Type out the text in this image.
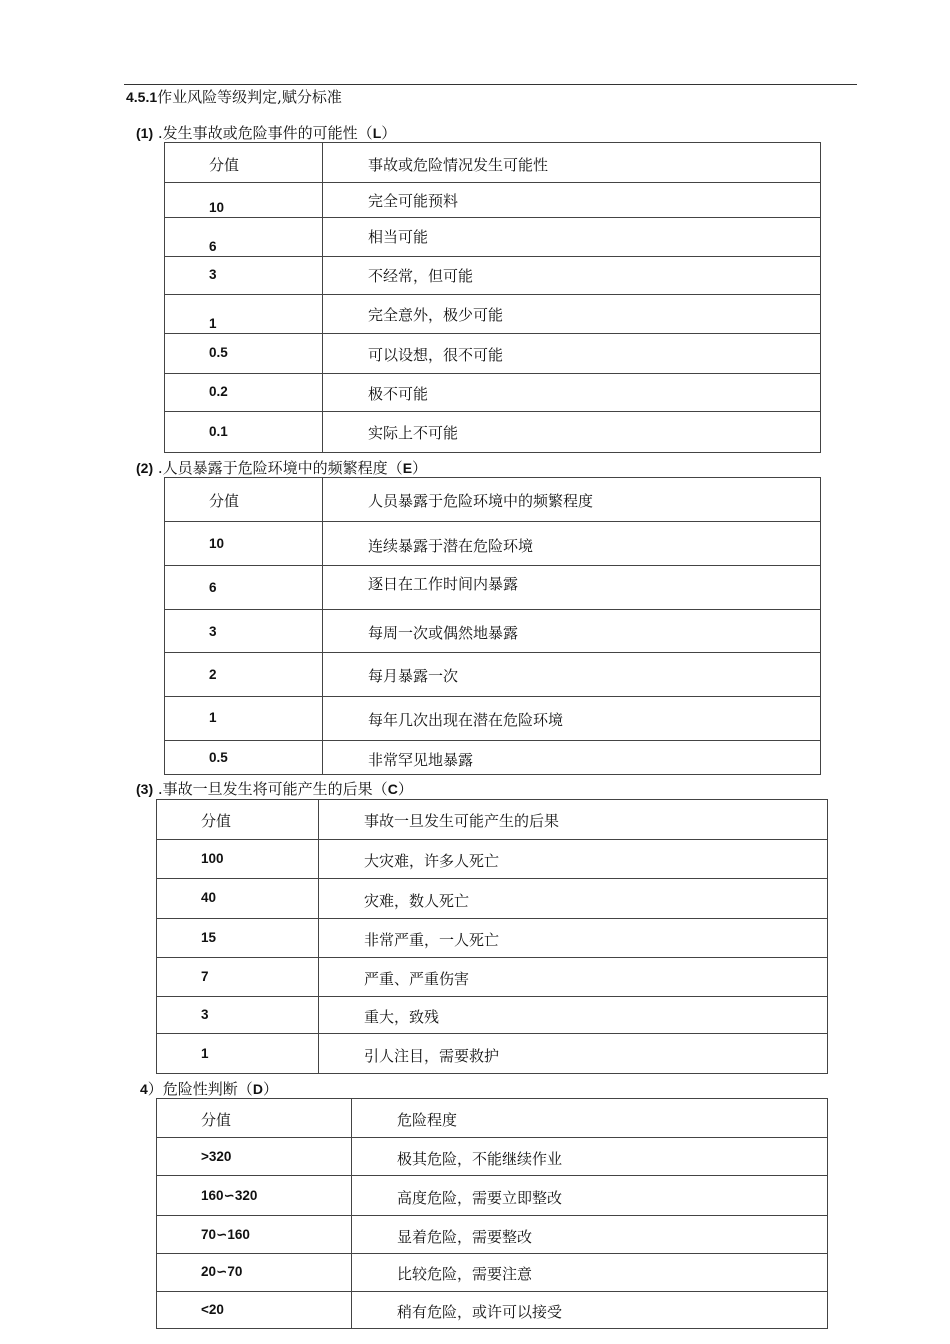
4.5.1作业风险等级判定,赋分标准
(1) .发生事故或危险事件的可能性（L）
分值	事故或危险情况发生可能性

10	完全可能预料

6	相当可能

3	不经常，但可能

1	完全意外，极少可能

0.5	可以设想，很不可能

0.2	极不可能

0.1	实际上不可能
(2) .人员暴露于危险环境中的频繁程度（E）
分值	人员暴露于危险环境中的频繁程度

10	连续暴露于潜在危险环境

6	逐日在工作时间内暴露

3	每周一次或偶然地暴露

2	每月暴露一次

1	每年几次出现在潜在危险环境

0.5	非常罕见地暴露
(3) .事故一旦发生将可能产生的后果（C）
分值	事故一旦发生可能产生的后果

100	大灾难，许多人死亡

40	灾难，数人死亡

15	非常严重，一人死亡

7	严重、严重伤害

3	重大，致残

1	引人注目，需要救护
4）危险性判断（D）
分值	危险程度

>320	极其危险，不能继续作业

160∽320	高度危险，需要立即整改

70∽160	显着危险，需要整改

20∽70	比较危险，需要注意

<20	稍有危险，或许可以接受
